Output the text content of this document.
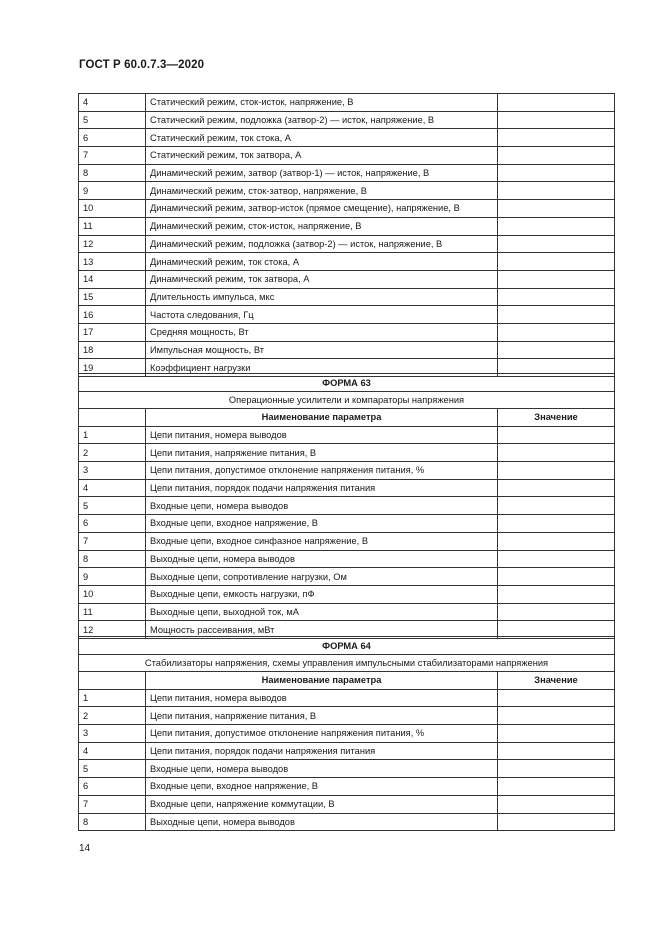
ГОСТ Р 60.0.7.3—2020
4	Статический режим, сток-исток, напряжение, В	
5	Статический режим, подложка (затвор-2) — исток, напряжение, В	
6	Статический режим, ток стока, А	
7	Статический режим, ток затвора, А	
8	Динамический режим, затвор (затвор-1) — исток, напряжение, В	
9	Динамический режим, сток-затвор, напряжение, В	
10	Динамический режим, затвор-исток (прямое смещение), напряжение, В	
11	Динамический режим, сток-исток, напряжение, В	
12	Динамический режим, подложка (затвор-2) — исток, напряжение, В	
13	Динамический режим, ток стока, А	
14	Динамический режим, ток затвора, А	
15	Длительность импульса, мкс	
16	Частота следования, Гц	
17	Средняя мощность, Вт	
18	Импульсная мощность, Вт	
19	Коэффициент нагрузки	
ФОРМА 63		
Операционные усилители и компараторы напряжения		
	Наименование параметра	Значение
1	Цепи питания, номера выводов	
2	Цепи питания, напряжение питания, В	
3	Цепи питания, допустимое отклонение напряжения питания, %	
4	Цепи питания, порядок подачи напряжения питания	
5	Входные цепи, номера выводов	
6	Входные цепи, входное напряжение, В	
7	Входные цепи, входное синфазное напряжение, В	
8	Выходные цепи, номера выводов	
9	Выходные цепи, сопротивление нагрузки, Ом	
10	Выходные цепи, емкость нагрузки, пФ	
11	Выходные цепи, выходной ток, мА	
12	Мощность рассеивания, мВт	
ФОРМА 64		
Стабилизаторы напряжения, схемы управления импульсными стабилизаторами напряжения		
	Наименование параметра	Значение
1	Цепи питания, номера выводов	
2	Цепи питания, напряжение питания, В	
3	Цепи питания, допустимое отклонение напряжения питания, %	
4	Цепи питания, порядок подачи напряжения питания	
5	Входные цепи, номера выводов	
6	Входные цепи, входное напряжение, В	
7	Входные цепи, напряжение коммутации, В	
8	Выходные цепи, номера выводов	
14
